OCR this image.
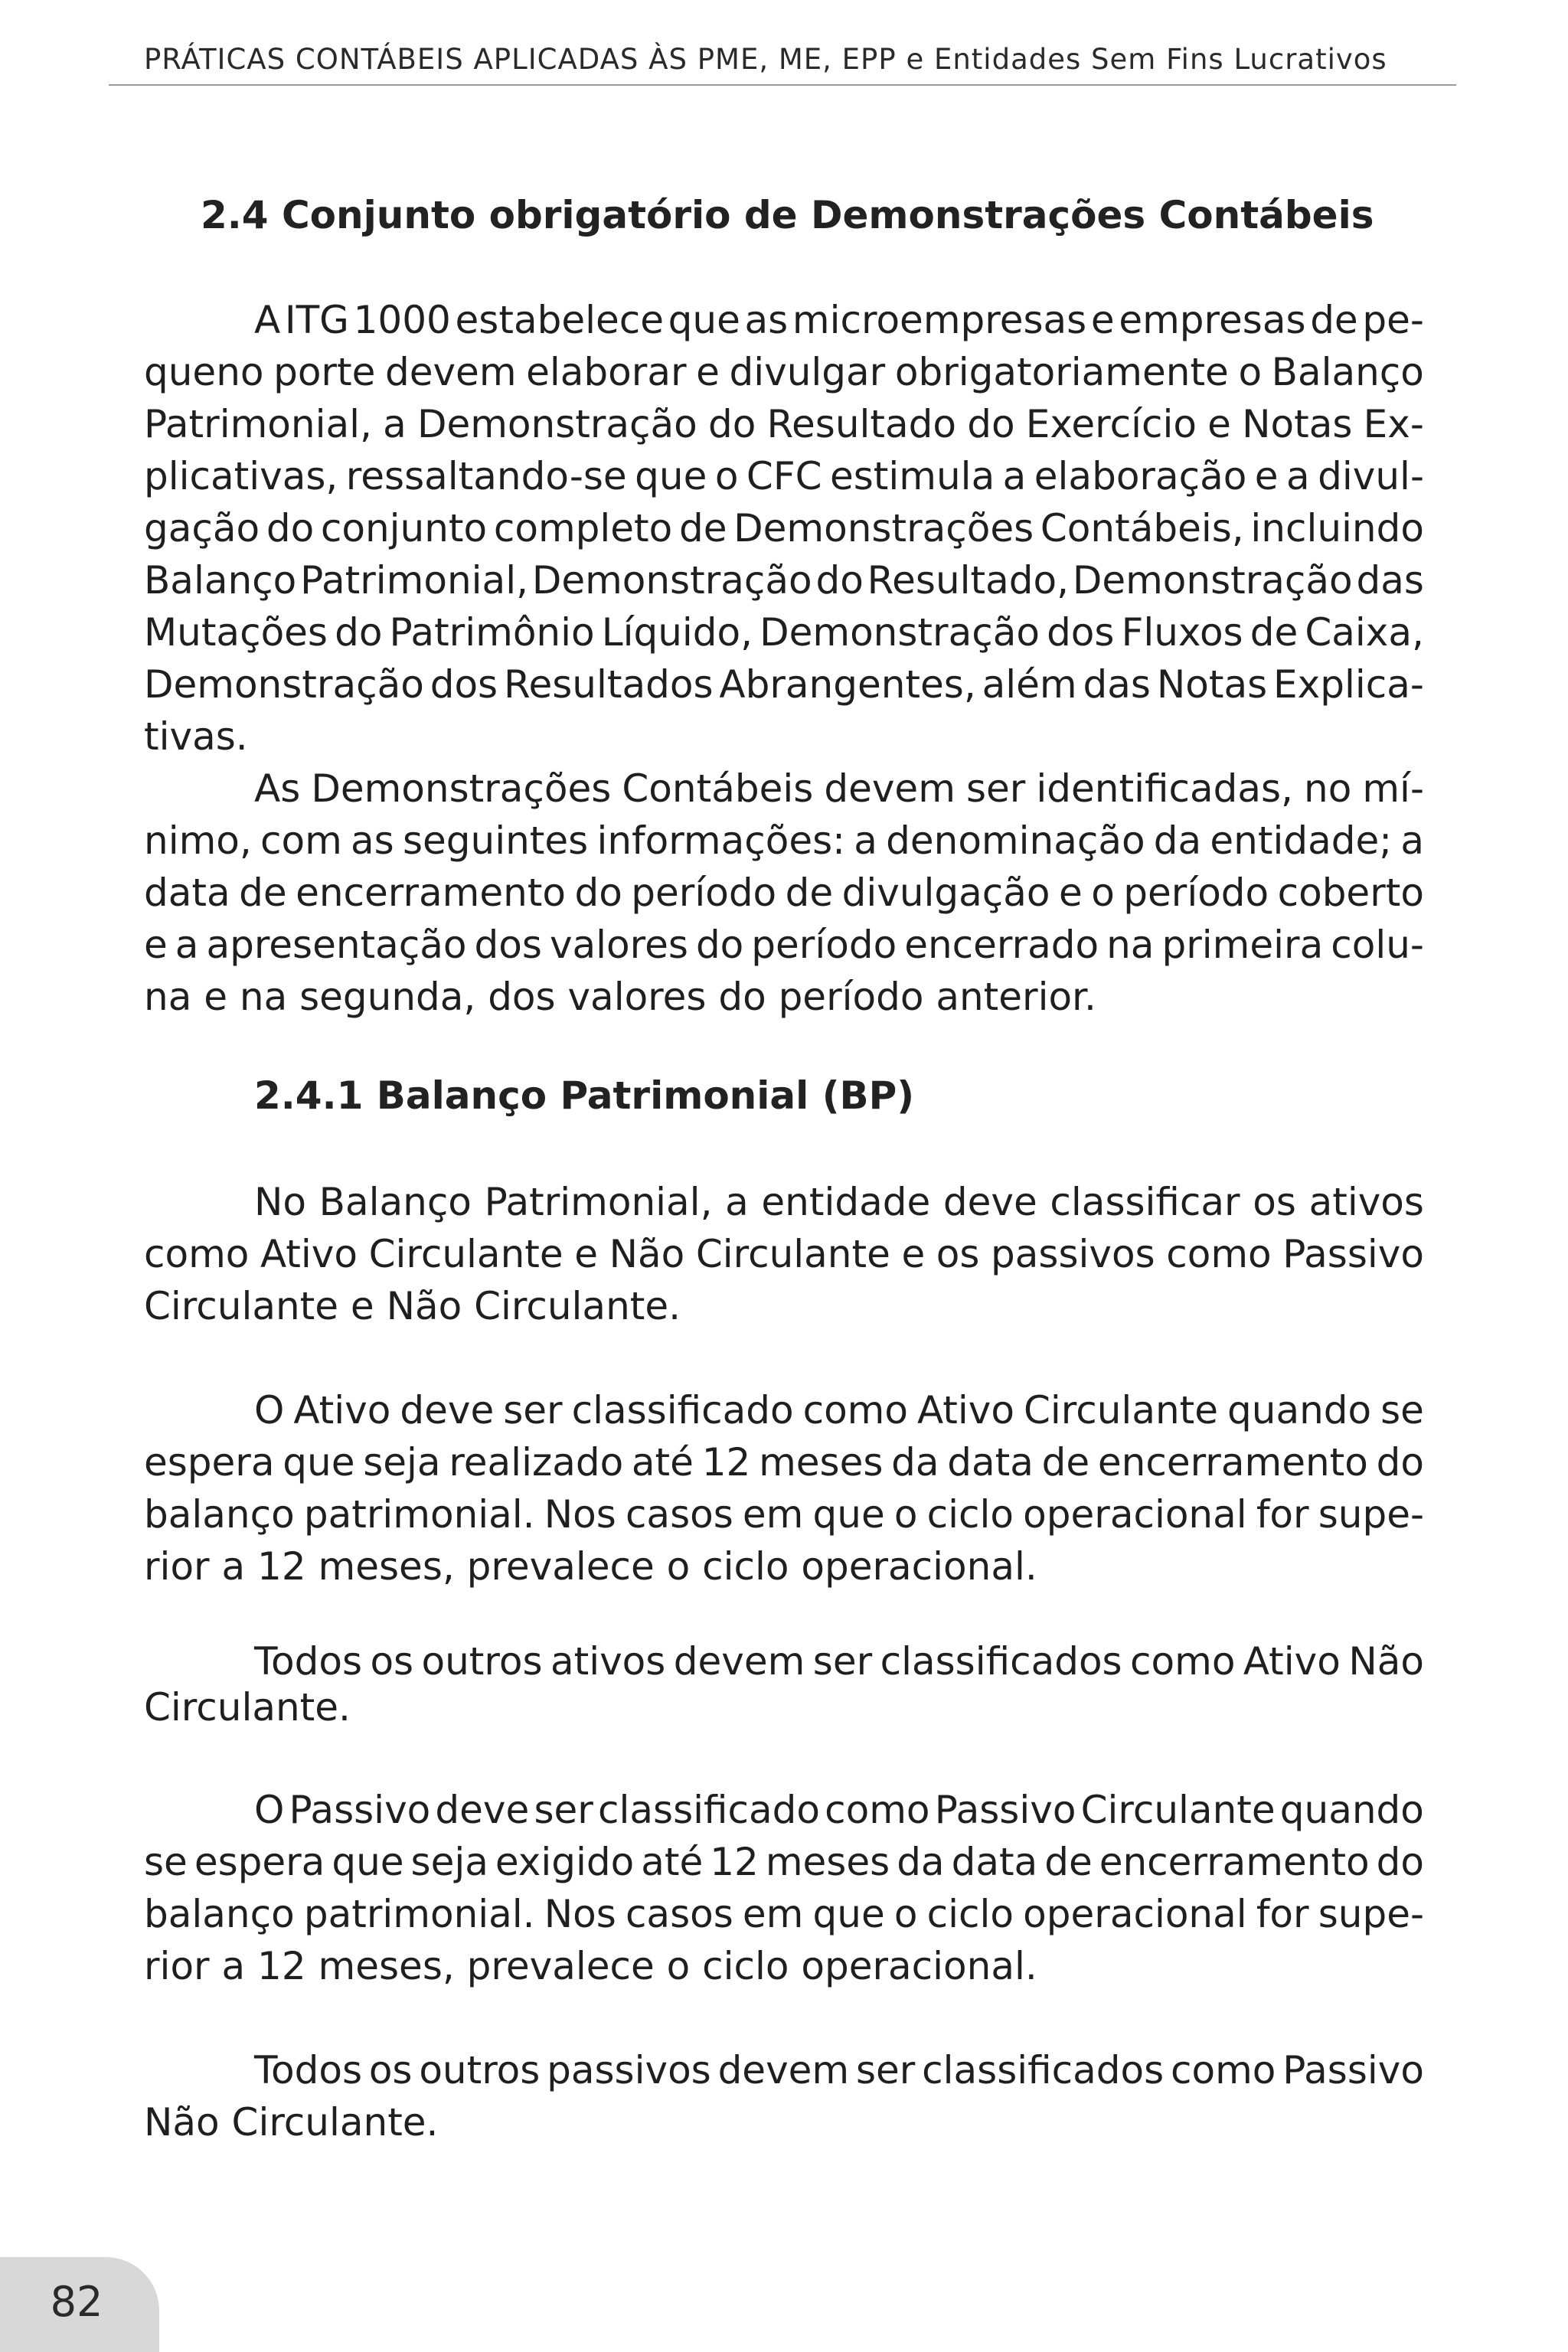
PRÁTICAS CONTÁBEIS APLICADAS ÀS PME, ME, EPP e Entidades Sem Fins Lucrativos
2.4 Conjunto obrigatório de Demonstrações Contábeis
A ITG 1000 estabelece que as microempresas e empresas de pe-
queno porte devem elaborar e divulgar obrigatoriamente o Balanço
Patrimonial, a Demonstração do Resultado do Exercício e Notas Ex-
plicativas, ressaltando-se que o CFC estimula a elaboração e a divul-
gação do conjunto completo de Demonstrações Contábeis, incluindo
Balanço Patrimonial, Demonstração do Resultado, Demonstração das
Mutações do Patrimônio Líquido, Demonstração dos Fluxos de Caixa,
Demonstração dos Resultados Abrangentes, além das Notas Explica-
tivas.
As Demonstrações Contábeis devem ser identificadas, no mí-
nimo, com as seguintes informações: a denominação da entidade; a
data de encerramento do período de divulgação e o período coberto
e a apresentação dos valores do período encerrado na primeira colu-
na e na segunda, dos valores do período anterior.
2.4.1 Balanço Patrimonial (BP)
No Balanço Patrimonial, a entidade deve classificar os ativos
como Ativo Circulante e Não Circulante e os passivos como Passivo
Circulante e Não Circulante.
O Ativo deve ser classificado como Ativo Circulante quando se
espera que seja realizado até 12 meses da data de encerramento do
balanço patrimonial. Nos casos em que o ciclo operacional for supe-
rior a 12 meses, prevalece o ciclo operacional.
Todos os outros ativos devem ser classificados como Ativo Não
Circulante.
O Passivo deve ser classificado como Passivo Circulante quando
se espera que seja exigido até 12 meses da data de encerramento do
balanço patrimonial. Nos casos em que o ciclo operacional for supe-
rior a 12 meses, prevalece o ciclo operacional.
Todos os outros passivos devem ser classificados como Passivo
Não Circulante.
82
